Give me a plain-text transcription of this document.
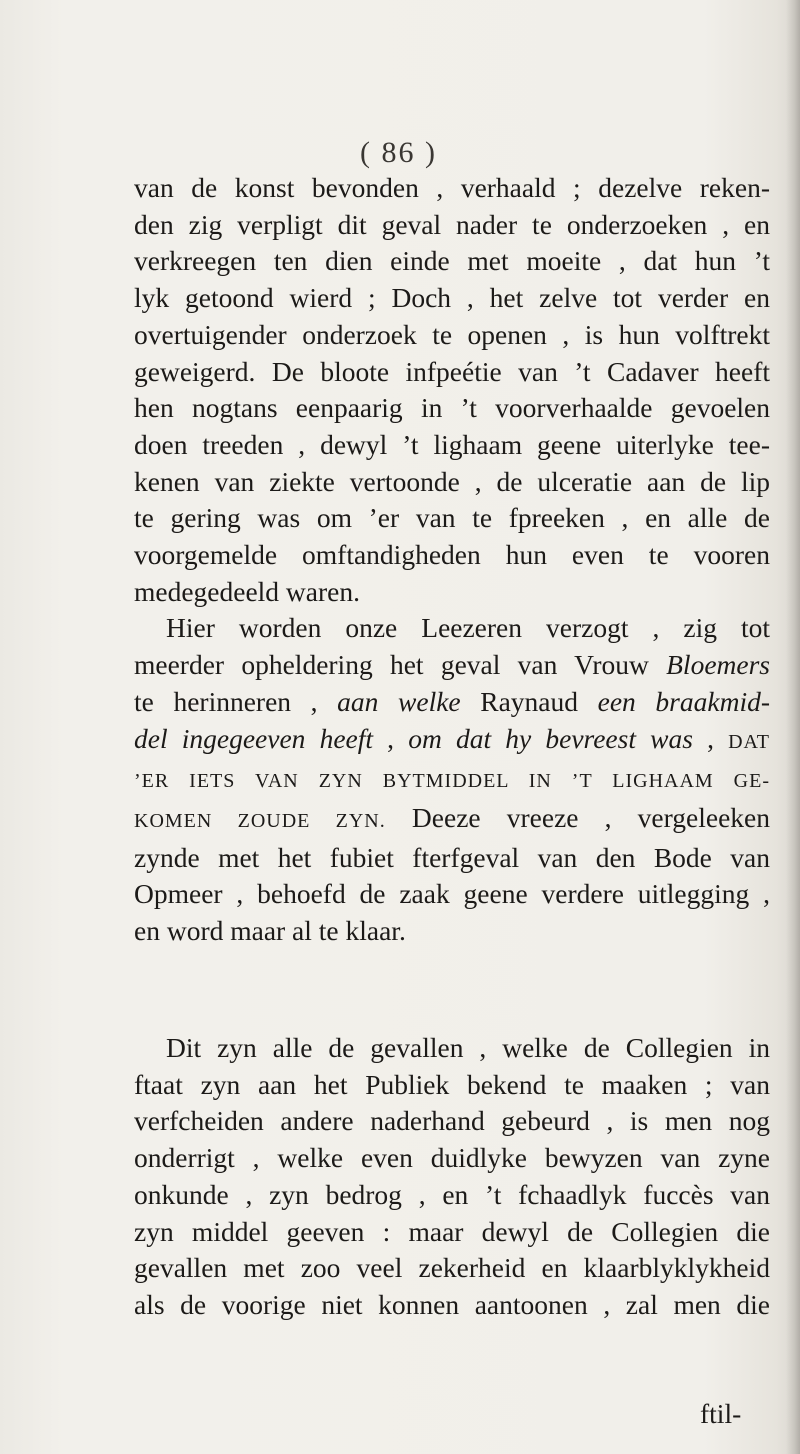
( 86 )
van de konst bevonden , verhaald ; dezelve reken-
den zig verpligt dit geval nader te onderzoeken , en
verkreegen ten dien einde met moeite , dat hun ’t
lyk getoond wierd ; Doch , het zelve tot verder en
overtuigender onderzoek te openen , is hun volftrekt
geweigerd. De bloote infpeétie van ’t Cadaver heeft
hen nogtans eenpaarig in ’t voorverhaalde gevoelen
doen treeden , dewyl ’t lighaam geene uiterlyke tee-
kenen van ziekte vertoonde , de ulceratie aan de lip
te gering was om ’er van te fpreeken , en alle de
voorgemelde omftandigheden hun even te vooren
medegedeeld waren.
Hier worden onze Leezeren verzogt , zig tot
meerder opheldering het geval van Vrouw Bloemers
te herinneren , aan welke Raynaud een braakmid-
del ingegeeven heeft , om dat hy bevreest was , DAT
’ER IETS VAN ZYN BYTMIDDEL IN ’T LIGHAAM GE-
KOMEN ZOUDE ZYN. Deeze vreeze , vergeleeken
zynde met het fubiet fterfgeval van den Bode van
Opmeer , behoefd de zaak geene verdere uitlegging ,
en word maar al te klaar.
Dit zyn alle de gevallen , welke de Collegien in
ftaat zyn aan het Publiek bekend te maaken ; van
verfcheiden andere naderhand gebeurd , is men nog
onderrigt , welke even duidlyke bewyzen van zyne
onkunde , zyn bedrog , en ’t fchaadlyk fuccès van
zyn middel geeven : maar dewyl de Collegien die
gevallen met zoo veel zekerheid en klaarblyklykheid
als de voorige niet konnen aantoonen , zal men die
ftil-
